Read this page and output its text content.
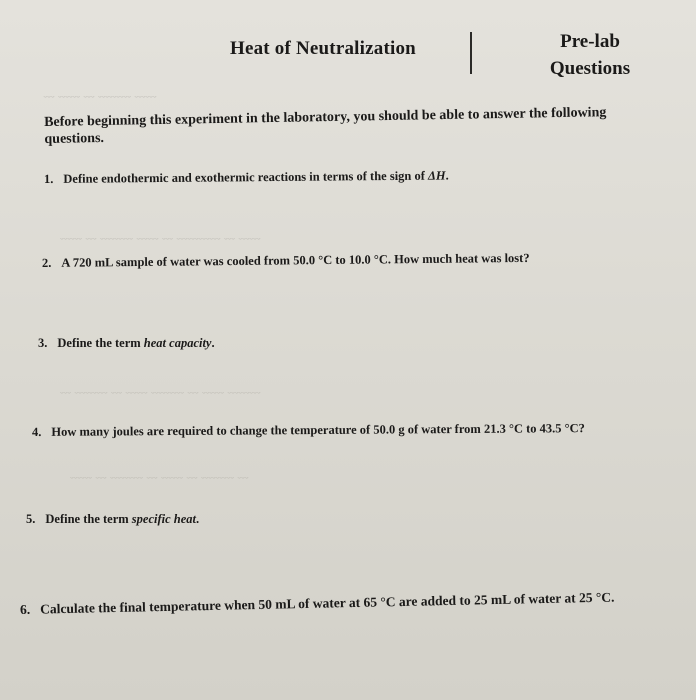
⁠﻿ ﹏ ﹏﹏ ﹏ ﹏﹏﹏ ﹏﹏
﹏﹏ ﹏ ﹏﹏﹏ ﹏﹏ ﹏ ﹏﹏﹏﹏ ﹏ ﹏﹏
﹏ ﹏﹏﹏ ﹏ ﹏﹏ ﹏﹏﹏ ﹏ ﹏﹏ ﹏﹏﹏
﹏﹏ ﹏ ﹏﹏﹏ ﹏ ﹏﹏ ﹏ ﹏﹏﹏ ﹏
Heat of Neutralization	Pre-lab
Questions
Before beginning this experiment in the laboratory, you should be able to answer the following questions.
1. Define endothermic and exothermic reactions in terms of the sign of ΔH.
2. A 720 mL sample of water was cooled from 50.0 °C to 10.0 °C. How much heat was lost?
3. Define the term heat capacity.
4. How many joules are required to change the temperature of 50.0 g of water from 21.3 °C to 43.5 °C?
5. Define the term specific heat.
6. Calculate the final temperature when 50 mL of water at 65 °C are added to 25 mL of water at 25 °C.
